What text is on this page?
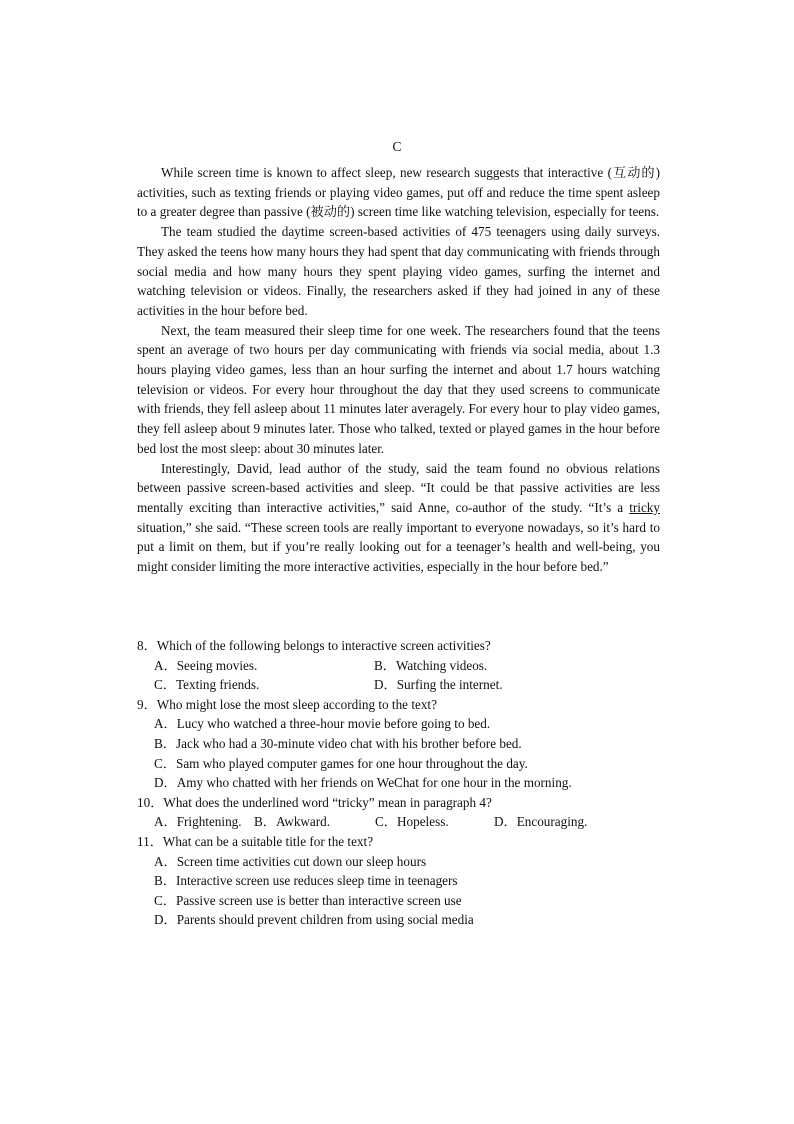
C

While screen time is known to affect sleep, new research suggests that interactive (互动的) activities, such as texting friends or playing video games, put off and reduce the time spent asleep to a greater degree than passive (被动的) screen time like watching television, especially for teens.

The team studied the daytime screen-based activities of 475 teenagers using daily surveys. They asked the teens how many hours they had spent that day communicating with friends through social media and how many hours they spent playing video games, surfing the internet and watching television or videos. Finally, the researchers asked if they had joined in any of these activities in the hour before bed.

Next, the team measured their sleep time for one week. The researchers found that the teens spent an average of two hours per day communicating with friends via social media, about 1.3 hours playing video games, less than an hour surfing the internet and about 1.7 hours watching television or videos. For every hour throughout the day that they used screens to communicate with friends, they fell asleep about 11 minutes later averagely. For every hour to play video games, they fell asleep about 9 minutes later. Those who talked, texted or played games in the hour before bed lost the most sleep: about 30 minutes later.

Interestingly, David, lead author of the study, said the team found no obvious relations between passive screen-based activities and sleep. “It could be that passive activities are less mentally exciting than interactive activities,” said Anne, co-author of the study. “It’s a tricky situation,” she said. “These screen tools are really important to everyone nowadays, so it’s hard to put a limit on them, but if you’re really looking out for a teenager’s health and well-being, you might consider limiting the more interactive activities, especially in the hour before bed.”

8．Which of the following belongs to interactive screen activities?
A．Seeing movies.	B．Watching videos.
C．Texting friends.	D．Surfing the internet.
9．Who might lose the most sleep according to the text?
A．Lucy who watched a three-hour movie before going to bed.
B．Jack who had a 30-minute video chat with his brother before bed.
C．Sam who played computer games for one hour throughout the day.
D．Amy who chatted with her friends on WeChat for one hour in the morning.
10．What does the underlined word “tricky” mean in paragraph 4?
A．Frightening. B．Awkward.	C．Hopeless.	D．Encouraging.
11．What can be a suitable title for the text?
A．Screen time activities cut down our sleep hours
B．Interactive screen use reduces sleep time in teenagers
C．Passive screen use is better than interactive screen use
D．Parents should prevent children from using social media
